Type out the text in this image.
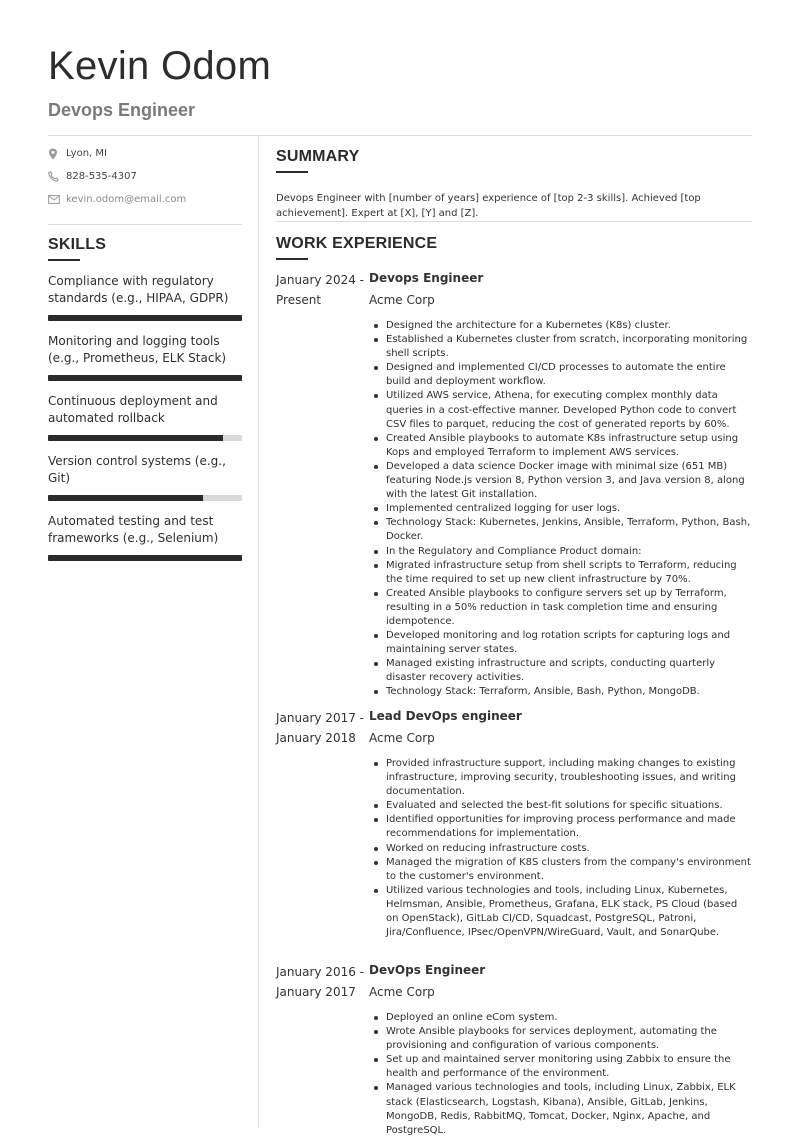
Kevin Odom
Devops Engineer
Lyon, MI
828-535-4307
kevin.odom@email.com
SKILLS
Compliance with regulatory standards (e.g., HIPAA, GDPR)
Monitoring and logging tools (e.g., Prometheus, ELK Stack)
Continuous deployment and automated rollback
Version control systems (e.g., Git)
Automated testing and test frameworks (e.g., Selenium)
SUMMARY
Devops Engineer with [number of years] experience of [top 2-3 skills]. Achieved [top achievement]. Expert at [X], [Y] and [Z].
WORK EXPERIENCE
January 2024 - Present
Devops Engineer
Acme Corp
Designed the architecture for a Kubernetes (K8s) cluster.
Established a Kubernetes cluster from scratch, incorporating monitoring shell scripts.
Designed and implemented CI/CD processes to automate the entire build and deployment workflow.
Utilized AWS service, Athena, for executing complex monthly data queries in a cost-effective manner. Developed Python code to convert CSV files to parquet, reducing the cost of generated reports by 60%.
Created Ansible playbooks to automate K8s infrastructure setup using Kops and employed Terraform to implement AWS services.
Developed a data science Docker image with minimal size (651 MB) featuring Node.js version 8, Python version 3, and Java version 8, along with the latest Git installation.
Implemented centralized logging for user logs.
Technology Stack: Kubernetes, Jenkins, Ansible, Terraform, Python, Bash, Docker.
In the Regulatory and Compliance Product domain:
Migrated infrastructure setup from shell scripts to Terraform, reducing the time required to set up new client infrastructure by 70%.
Created Ansible playbooks to configure servers set up by Terraform, resulting in a 50% reduction in task completion time and ensuring idempotence.
Developed monitoring and log rotation scripts for capturing logs and maintaining server states.
Managed existing infrastructure and scripts, conducting quarterly disaster recovery activities.
Technology Stack: Terraform, Ansible, Bash, Python, MongoDB.
January 2017 - January 2018
Lead DevOps engineer
Acme Corp
Provided infrastructure support, including making changes to existing infrastructure, improving security, troubleshooting issues, and writing documentation.
Evaluated and selected the best-fit solutions for specific situations.
Identified opportunities for improving process performance and made recommendations for implementation.
Worked on reducing infrastructure costs.
Managed the migration of K8S clusters from the company's environment to the customer's environment.
Utilized various technologies and tools, including Linux, Kubernetes, Helmsman, Ansible, Prometheus, Grafana, ELK stack, PS Cloud (based on OpenStack), GitLab CI/CD, Squadcast, PostgreSQL, Patroni, Jira/Confluence, IPsec/OpenVPN/WireGuard, Vault, and SonarQube.
January 2016 - January 2017
DevOps Engineer
Acme Corp
Deployed an online eCom system.
Wrote Ansible playbooks for services deployment, automating the provisioning and configuration of various components.
Set up and maintained server monitoring using Zabbix to ensure the health and performance of the environment.
Managed various technologies and tools, including Linux, Zabbix, ELK stack (Elasticsearch, Logstash, Kibana), Ansible, GitLab, Jenkins, MongoDB, Redis, RabbitMQ, Tomcat, Docker, Nginx, Apache, and PostgreSQL.
